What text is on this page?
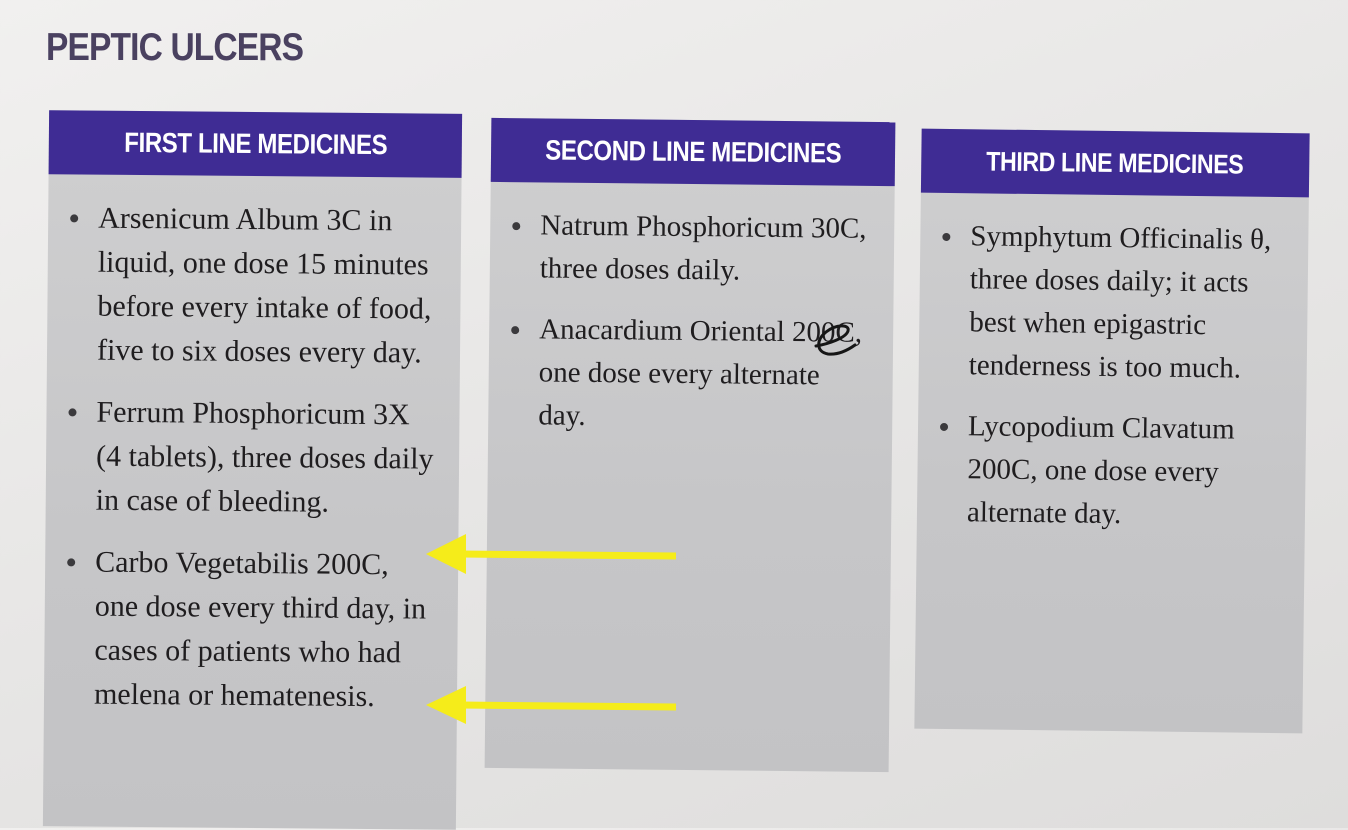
PEPTIC ULCERS
FIRST LINE MEDICINES
Arsenicum Album 3C in liquid, one dose 15 minutes before every intake of food, five to six doses every day.
Ferrum Phosphoricum 3X (4 tablets), three doses daily in case of bleeding.
Carbo Vegetabilis 200C, one dose every third day, in cases of patients who had melena or hematenesis.
SECOND LINE MEDICINES
Natrum Phosphoricum 30C, three doses daily.
Anacardium Oriental 200C, one dose every alternate day.
THIRD LINE MEDICINES
Symphytum Officinalis θ, three doses daily; it acts best when epigastric tenderness is too much.
Lycopodium Clavatum 200C, one dose every alternate day.
